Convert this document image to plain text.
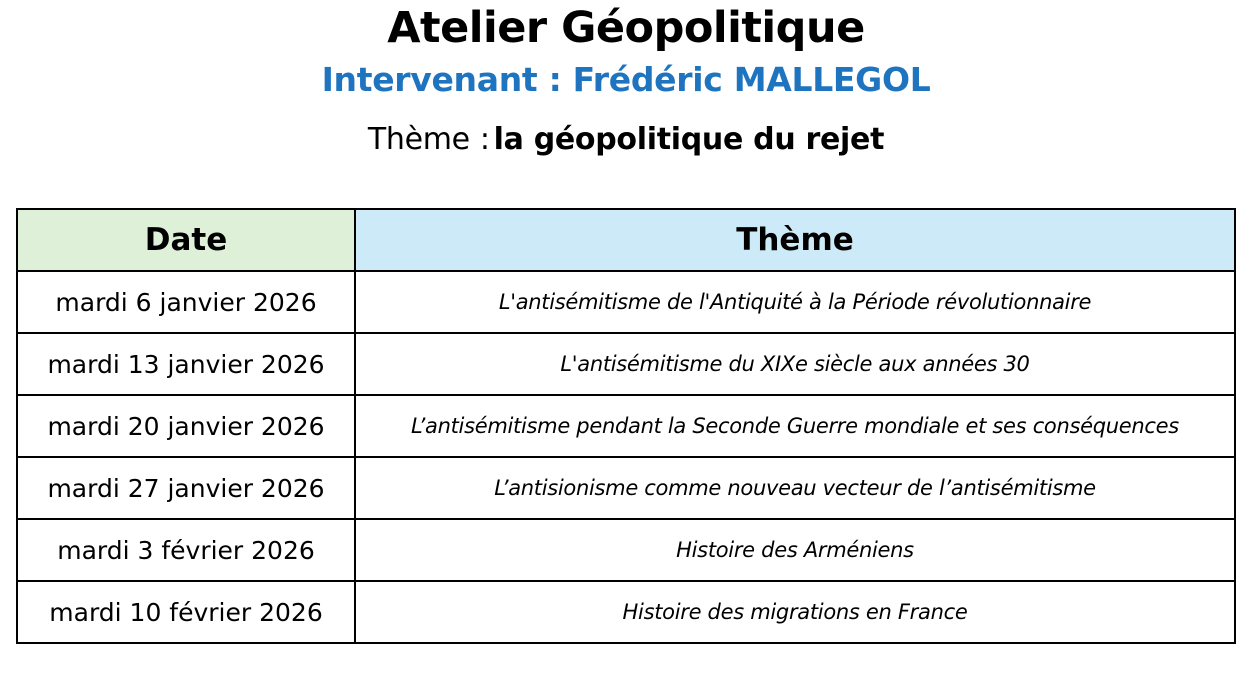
Atelier Géopolitique
Intervenant : Frédéric MALLEGOL
Thème : la géopolitique du rejet
Date	Thème
mardi 6 janvier 2026	L'antisémitisme de l'Antiquité à la Période révolutionnaire
mardi 13 janvier 2026	L'antisémitisme du XIXe siècle aux années 30
mardi 20 janvier 2026	L’antisémitisme pendant la Seconde Guerre mondiale et ses conséquences
mardi 27 janvier 2026	L’antisionisme comme nouveau vecteur de l’antisémitisme
mardi 3 février 2026	Histoire des Arméniens
mardi 10 février 2026	Histoire des migrations en France
